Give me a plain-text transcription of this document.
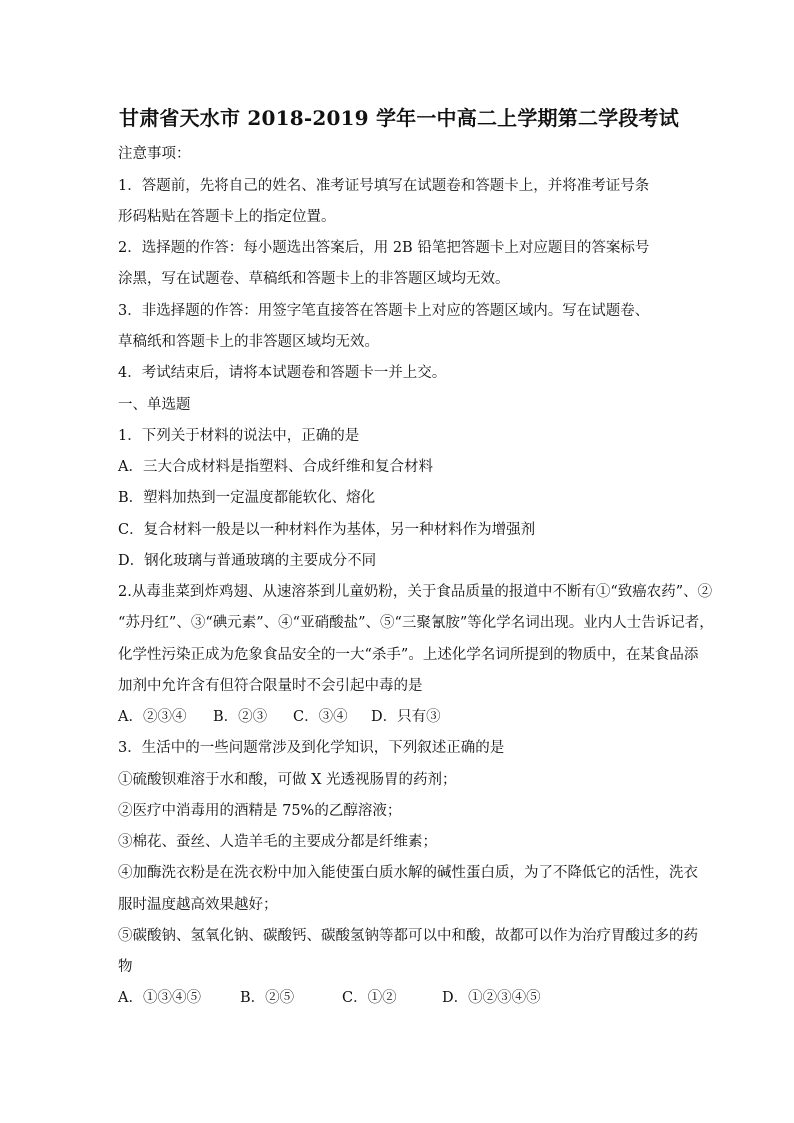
甘肃省天水市 2018-2019 学年一中高二上学期第二学段考试
注意事项：
1．答题前，先将自己的姓名、准考证号填写在试题卷和答题卡上，并将准考证号条
形码粘贴在答题卡上的指定位置。
2．选择题的作答：每小题选出答案后，用 2B 铅笔把答题卡上对应题目的答案标号
涂黑，写在试题卷、草稿纸和答题卡上的非答题区域均无效。
3．非选择题的作答：用签字笔直接答在答题卡上对应的答题区域内。写在试题卷、
草稿纸和答题卡上的非答题区域均无效。
4．考试结束后，请将本试题卷和答题卡一并上交。
一、单选题
1．下列关于材料的说法中，正确的是
A．三大合成材料是指塑料、合成纤维和复合材料
B．塑料加热到一定温度都能软化、熔化
C．复合材料一般是以一种材料作为基体，另一种材料作为增强剂
D．钢化玻璃与普通玻璃的主要成分不同
2.从毒韭菜到炸鸡翅、从速溶茶到儿童奶粉，关于食品质量的报道中不断有①“致癌农药”、②
“苏丹红”、③“碘元素”、④“亚硝酸盐”、⑤“三聚氰胺”等化学名词出现。业内人士告诉记者，
化学性污染正成为危象食品安全的一大“杀手”。上述化学名词所提到的物质中，在某食品添
加剂中允许含有但符合限量时不会引起中毒的是
A．②③④ B．②③ C．③④ D．只有③
3．生活中的一些问题常涉及到化学知识，下列叙述正确的是
①硫酸钡难溶于水和酸，可做 X 光透视肠胃的药剂；
②医疗中消毒用的酒精是 75%的乙醇溶液；
③棉花、蚕丝、人造羊毛的主要成分都是纤维素；
④加酶洗衣粉是在洗衣粉中加入能使蛋白质水解的碱性蛋白质，为了不降低它的活性，洗衣
服时温度越高效果越好；
⑤碳酸钠、氢氧化钠、碳酸钙、碳酸氢钠等都可以中和酸，故都可以作为治疗胃酸过多的药
物
A．①③④⑤	B．②⑤	C．①②	D．①②③④⑤
